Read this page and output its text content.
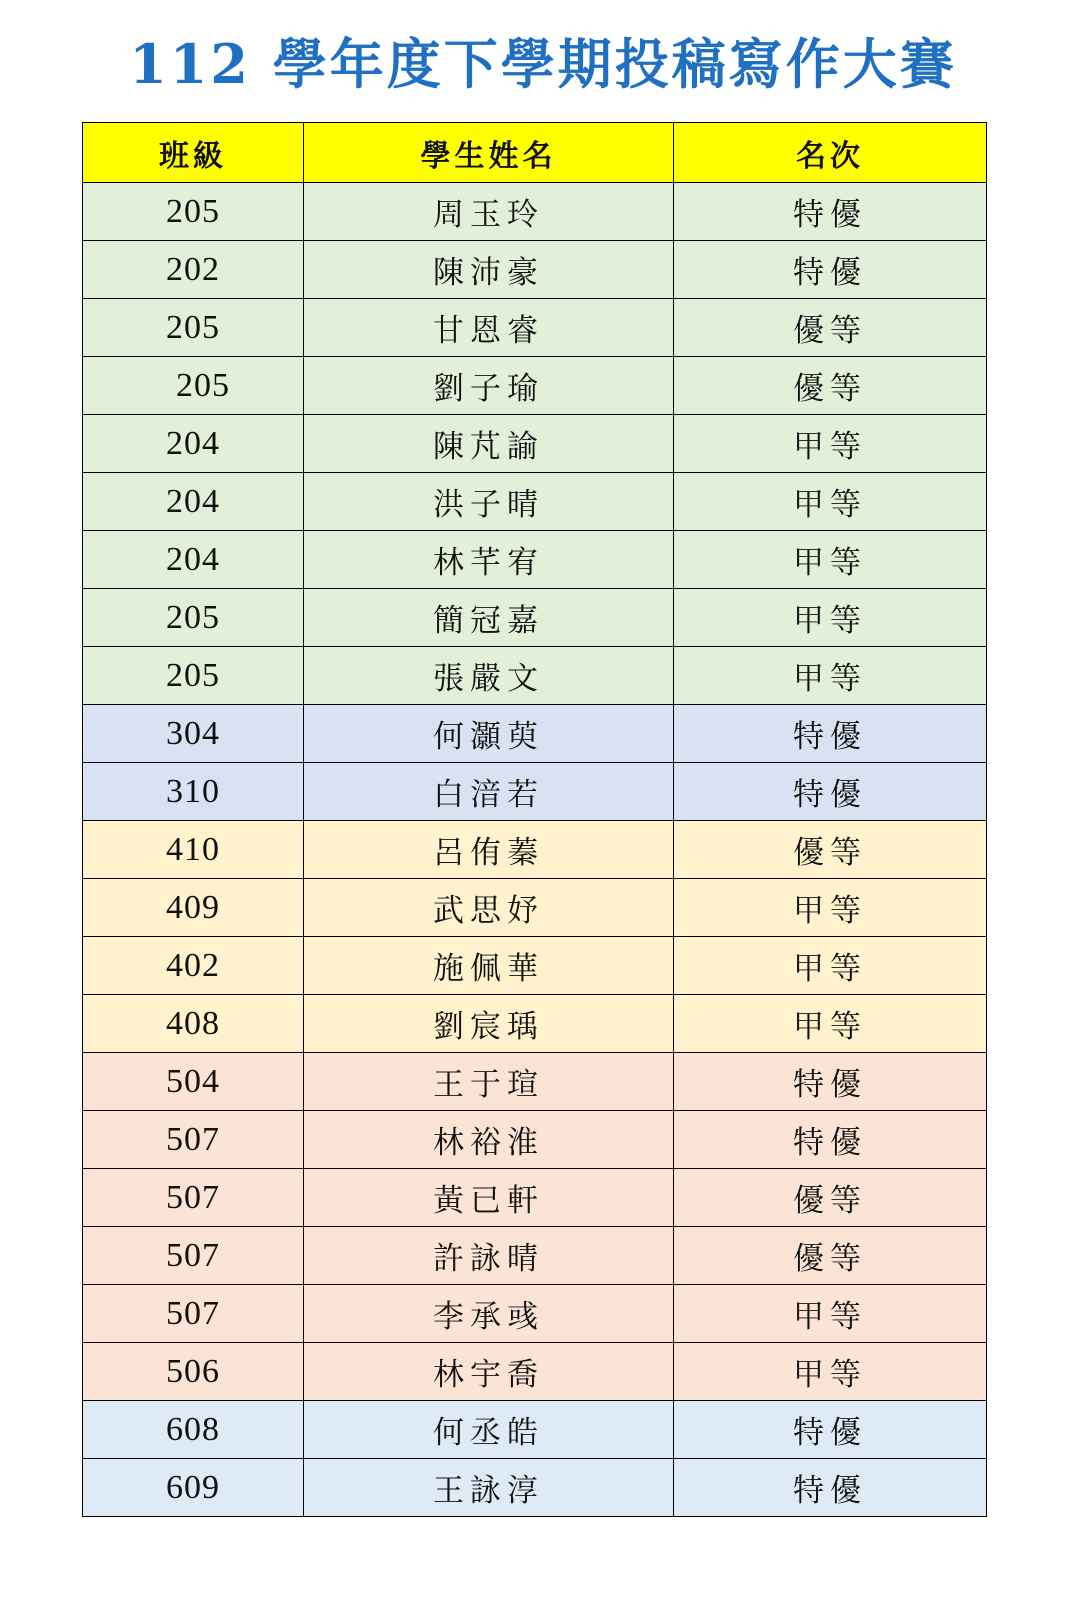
112 學年度下學期投稿寫作大賽
班級	學生姓名	名次
205	周玉玲	特優
202	陳沛豪	特優
205	甘恩睿	優等
205	劉子瑜	優等
204	陳芃諭	甲等
204	洪子晴	甲等
204	林芊宥	甲等
205	簡冠嘉	甲等
205	張嚴文	甲等
304	何灝萸	特優
310	白湆若	特優
410	呂侑蓁	優等
409	武思妤	甲等
402	施佩華	甲等
408	劉宸瑀	甲等
504	王于瑄	特優
507	林裕淮	特優
507	黃已軒	優等
507	許詠晴	優等
507	李承彧	甲等
506	林宇喬	甲等
608	何丞皓	特優
609	王詠淳	特優
